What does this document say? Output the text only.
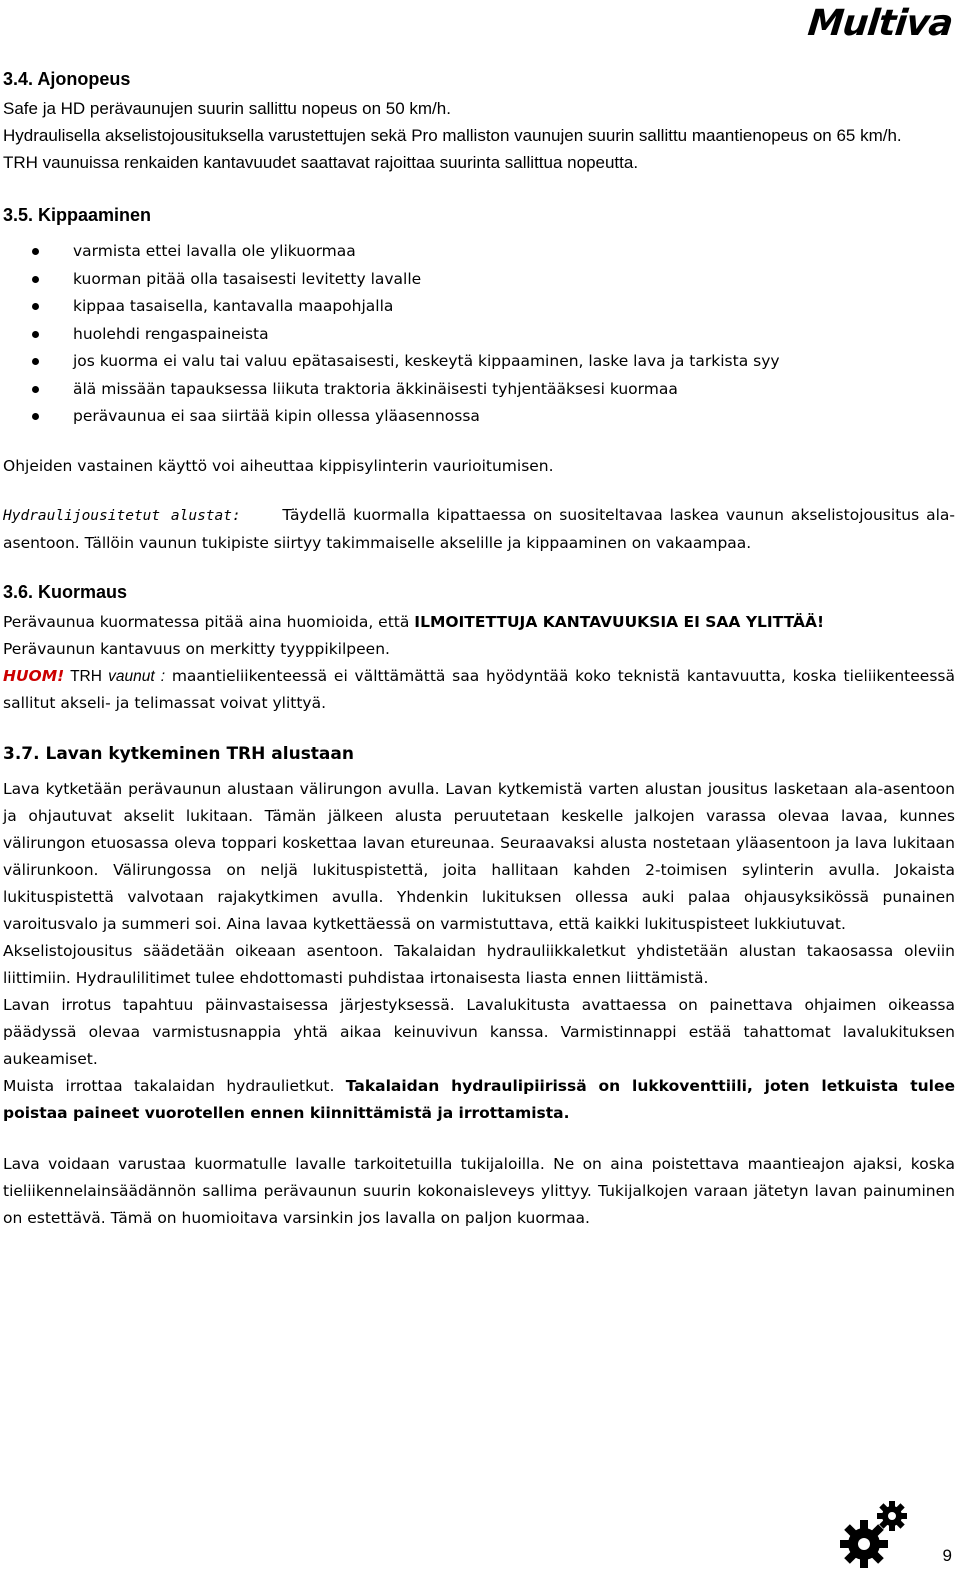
Multiva
3.4. Ajonopeus

Safe ja HD perävaunujen suurin sallittu nopeus on 50 km/h.

Hydraulisella akselistojousituksella varustettujen sekä Pro malliston vaunujen suurin sallittu maantienopeus on 65 km/h.

TRH vaunuissa renkaiden kantavuudet saattavat rajoittaa suurinta sallittua nopeutta.

3.5. Kippaaminen
varmista ettei lavalla ole ylikuormaa
kuorman pitää olla tasaisesti levitetty lavalle
kippaa tasaisella, kantavalla maapohjalla
huolehdi rengaspaineista
jos kuorma ei valu tai valuu epätasaisesti, keskeytä kippaaminen, laske lava ja tarkista syy
älä missään tapauksessa liikuta traktoria äkkinäisesti tyhjentääksesi kuormaa
perävaunua ei saa siirtää kipin ollessa yläasennossa

Ohjeiden vastainen käyttö voi aiheuttaa kippisylinterin vaurioitumisen.

Hydraulijousitetut alustat:	Täydellä kuormalla kipattaessa on suositeltavaa laskea vaunun akselistojousitus ala-asentoon. Tällöin vaunun tukipiste siirtyy takimmaiselle akselille ja kippaaminen on vakaampaa.

3.6. Kuormaus

Perävaunua kuormatessa pitää aina huomioida, että ILMOITETTUJA KANTAVUUKSIA EI SAA YLITTÄÄ!

Perävaunun kantavuus on merkitty tyyppikilpeen.

HUOM! TRH vaunut : maantieliikenteessä ei välttämättä saa hyödyntää koko teknistä kantavuutta, koska tieliikenteessä sallitut akseli- ja telimassat voivat ylittyä.

3.7. Lavan kytkeminen TRH alustaan

Lava kytketään perävaunun alustaan välirungon avulla. Lavan kytkemistä varten alustan jousitus lasketaan ala-asentoon ja ohjautuvat akselit lukitaan. Tämän jälkeen alusta peruutetaan keskelle jalkojen varassa olevaa lavaa, kunnes välirungon etuosassa oleva toppari koskettaa lavan etureunaa. Seuraavaksi alusta nostetaan yläasentoon ja lava lukitaan välirunkoon. Välirungossa on neljä lukituspistettä, joita hallitaan kahden 2-toimisen sylinterin avulla. Jokaista lukituspistettä valvotaan rajakytkimen avulla. Yhdenkin lukituksen ollessa auki palaa ohjausyksikössä punainen varoitusvalo ja summeri soi. Aina lavaa kytkettäessä on varmistuttava, että kaikki lukituspisteet lukkiutuvat.

Akselistojousitus säädetään oikeaan asentoon. Takalaidan hydrauliikkaletkut yhdistetään alustan takaosassa oleviin liittimiin. Hydraulilitimet tulee ehdottomasti puhdistaa irtonaisesta liasta ennen liittämistä.

Lavan irrotus tapahtuu päinvastaisessa järjestyksessä. Lavalukitusta avattaessa on painettava ohjaimen oikeassa päädyssä olevaa varmistusnappia yhtä aikaa keinuvivun kanssa. Varmistinnappi estää tahattomat lavalukituksen aukeamiset.

Muista irrottaa takalaidan hydraulietkut. Takalaidan hydraulipiirissä on lukkoventtiili, joten letkuista tulee poistaa paineet vuorotellen ennen kiinnittämistä ja irrottamista.

Lava voidaan varustaa kuormatulle lavalle tarkoitetuilla tukijaloilla. Ne on aina poistettava maantieajon ajaksi, koska tieliikennelainsäädännön sallima perävaunun suurin kokonaisleveys ylittyy. Tukijalkojen varaan jätetyn lavan painuminen on estettävä. Tämä on huomioitava varsinkin jos lavalla on paljon kuormaa.

9
